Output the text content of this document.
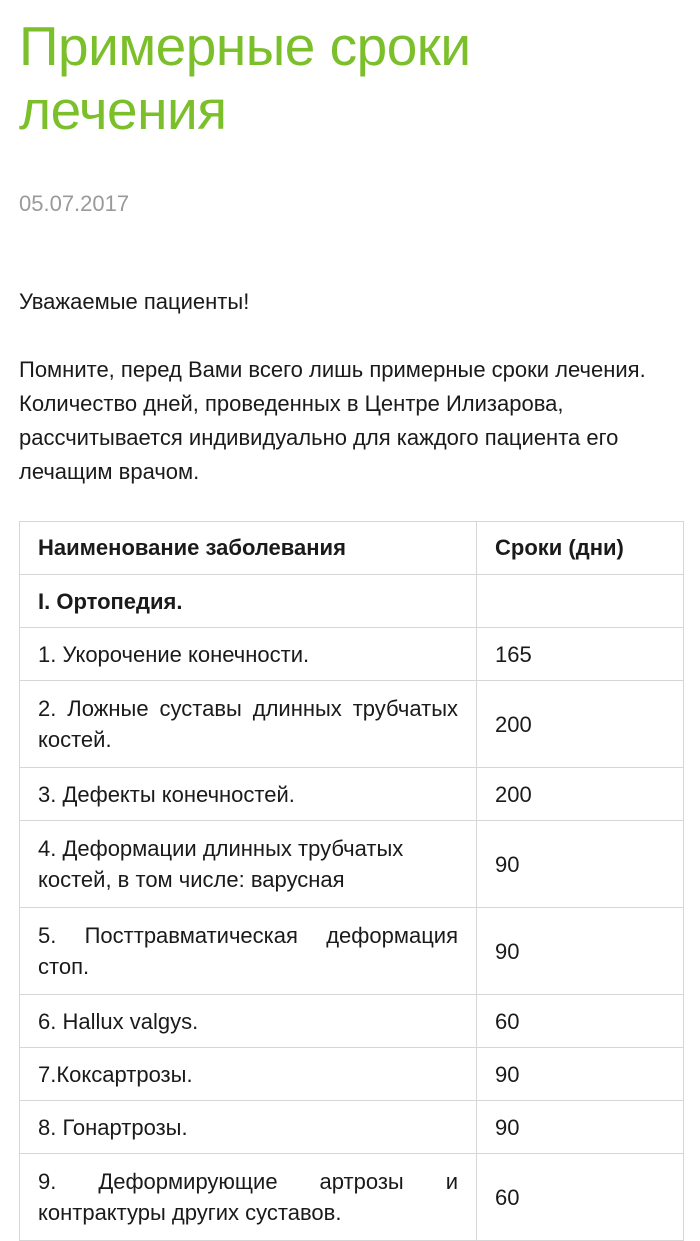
Примерные сроки лечения
05.07.2017

Уважаемые пациенты!

Помните, перед Вами всего лишь примерные сроки лечения. Количество дней, проведенных в Центре Илизарова, рассчитывается индивидуально для каждого пациента его лечащим врачом.

Наименование заболевания	Сроки (дни)
I. Ортопедия.	
1. Укорочение конечности.	165
2. Ложные суставы длинных трубчатых костей.	200
3. Дефекты конечностей.	200
4. Деформации длинных трубчатых костей, в том числе: варусная	90
5. Посттравматическая деформация стоп.	90
6. Hallux valgys.	60
7.Коксартрозы.	90
8. Гонартрозы.	90
9. Деформирующие артрозы и контрактуры других суставов.	60
